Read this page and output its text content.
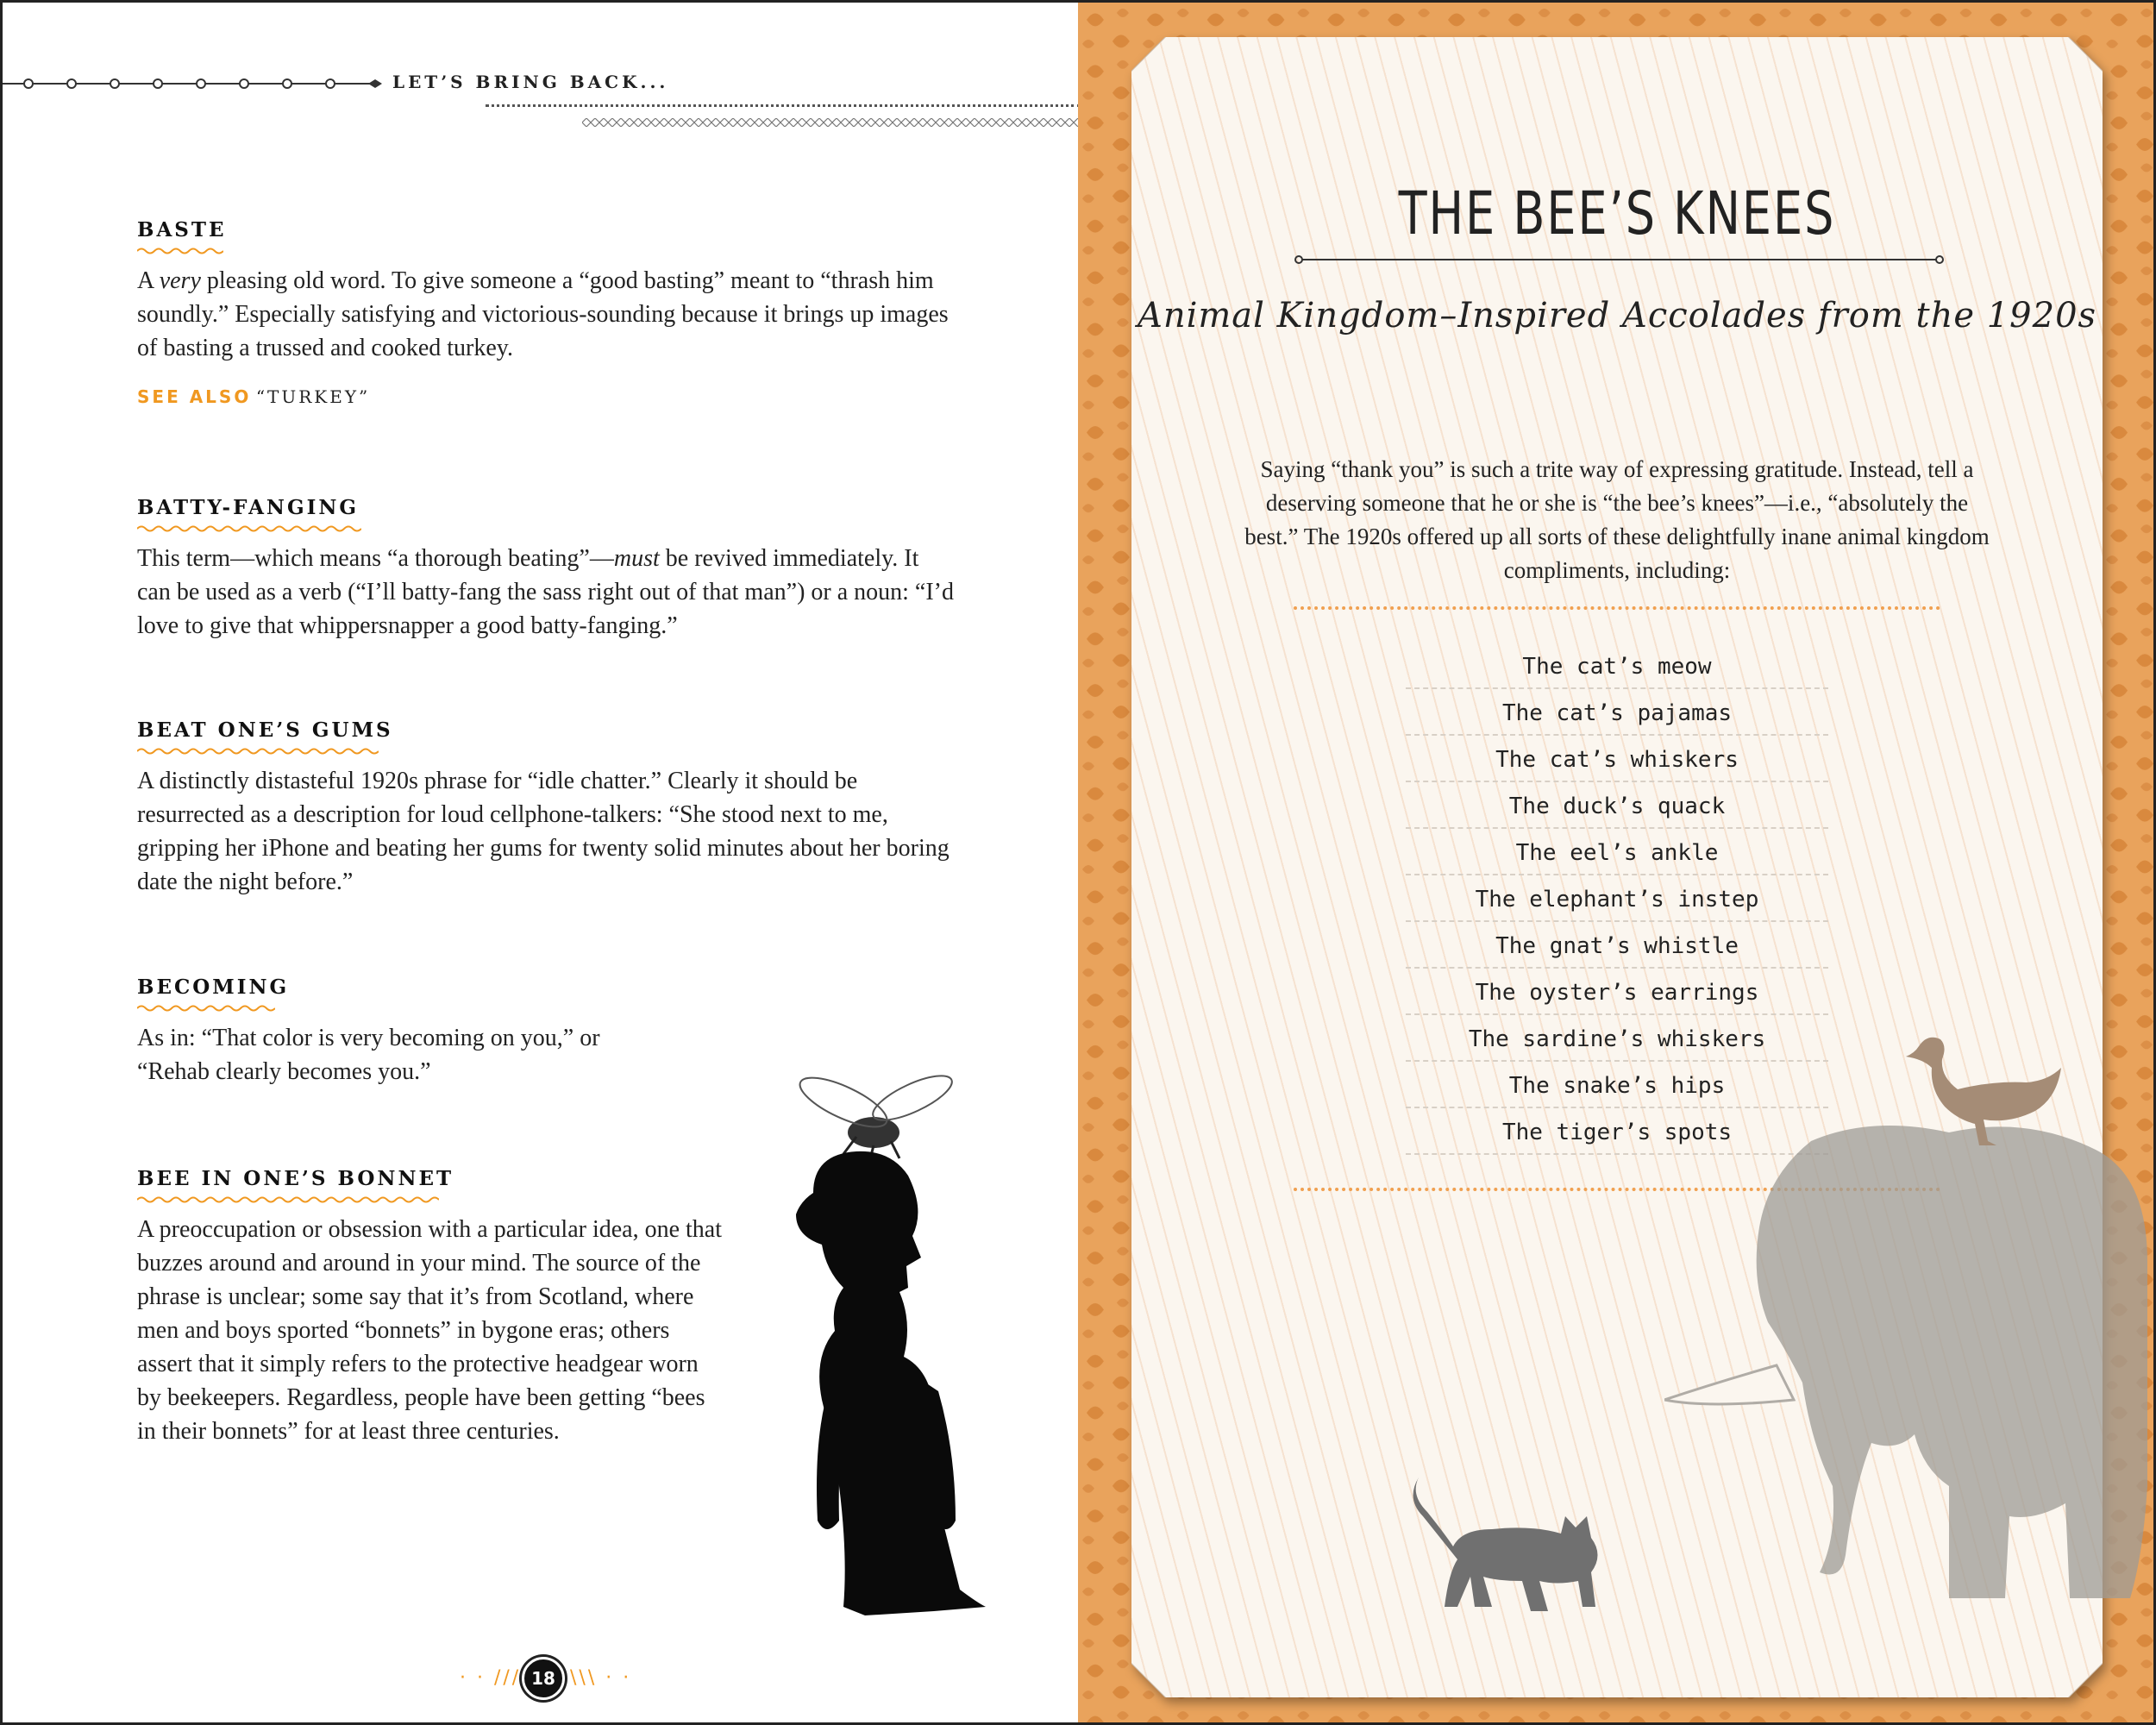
LET’S BRING BACK...
BASTE

A very pleasing old word. To give someone a “good basting” meant to “thrash him soundly.” Especially satisfying and victorious-sounding because it brings up images of basting a trussed and cooked turkey.

SEE ALSO “TURKEY”
BATTY-FANGING

This term—which means “a thorough beating”—must be revived immediately. It can be used as a verb (“I’ll batty-fang the sass right out of that man”) or a noun: “I’d love to give that whippersnapper a good batty-fanging.”

BEAT ONE’S GUMS

A distinctly distasteful 1920s phrase for “idle chatter.” Clearly it should be resurrected as a description for loud cellphone-talkers: “She stood next to me, gripping her iPhone and beating her gums for twenty solid minutes about her boring date the night before.”

BECOMING

As in: “That color is very becoming on you,” or “Rehab clearly becomes you.”

BEE IN ONE’S BONNET

A preoccupation or obsession with a particular idea, one that buzzes around and around in your mind. The source of the phrase is unclear; some say that it’s from Scotland, where men and boys sported “bonnets” in bygone eras; others assert that it simply refers to the protective headgear worn by beekeepers. Regardless, people have been getting “bees in their bonnets” for at least three centuries.

· · /// 18 \\\ · ·
THE BEE’S KNEES
Animal Kingdom–Inspired Accolades from the 1920s

Saying “thank you” is such a trite way of expressing gratitude. Instead, tell a deserving someone that he or she is “the bee’s knees”—i.e., “absolutely the best.” The 1920s offered up all sorts of these delightfully inane animal kingdom compliments, including:

The cat’s meow
The cat’s pajamas
The cat’s whiskers
The duck’s quack
The eel’s ankle
The elephant’s instep
The gnat’s whistle
The oyster’s earrings
The sardine’s whiskers
The snake’s hips
The tiger’s spots
